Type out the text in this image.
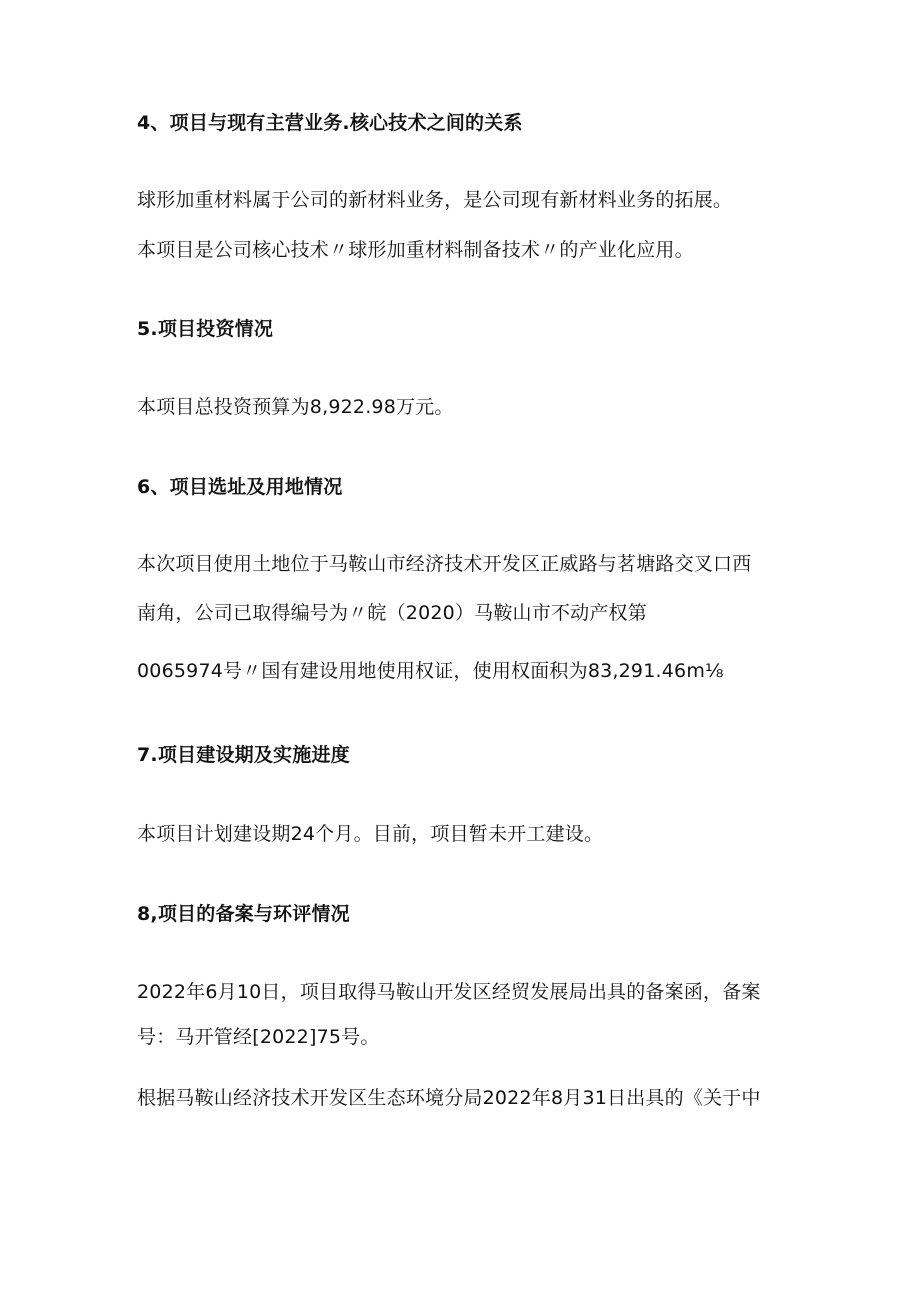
4、项目与现有主营业务.核心技术之间的关系
球形加重材料属于公司的新材料业务，是公司现有新材料业务的拓展。
本项目是公司核心技术〃球形加重材料制备技术〃的产业化应用。
5.项目投资情况
本项目总投资预算为8,922.98万元。
6、项目选址及用地情况
本次项目使用土地位于马鞍山市经济技术开发区正威路与茗塘路交叉口西
南角，公司已取得编号为〃皖（2020）马鞍山市不动产权第
0065974号〃国有建设用地使用权证，使用权面积为83,291.46m⅛
7.项目建设期及实施进度
本项目计划建设期24个月。目前，项目暂未开工建设。
8,项目的备案与环评情况
2022年6月10日，项目取得马鞍山开发区经贸发展局出具的备案函，备案
号：马开管经[2022]75号。
根据马鞍山经济技术开发区生态环境分局2022年8月31日出具的《关于中
